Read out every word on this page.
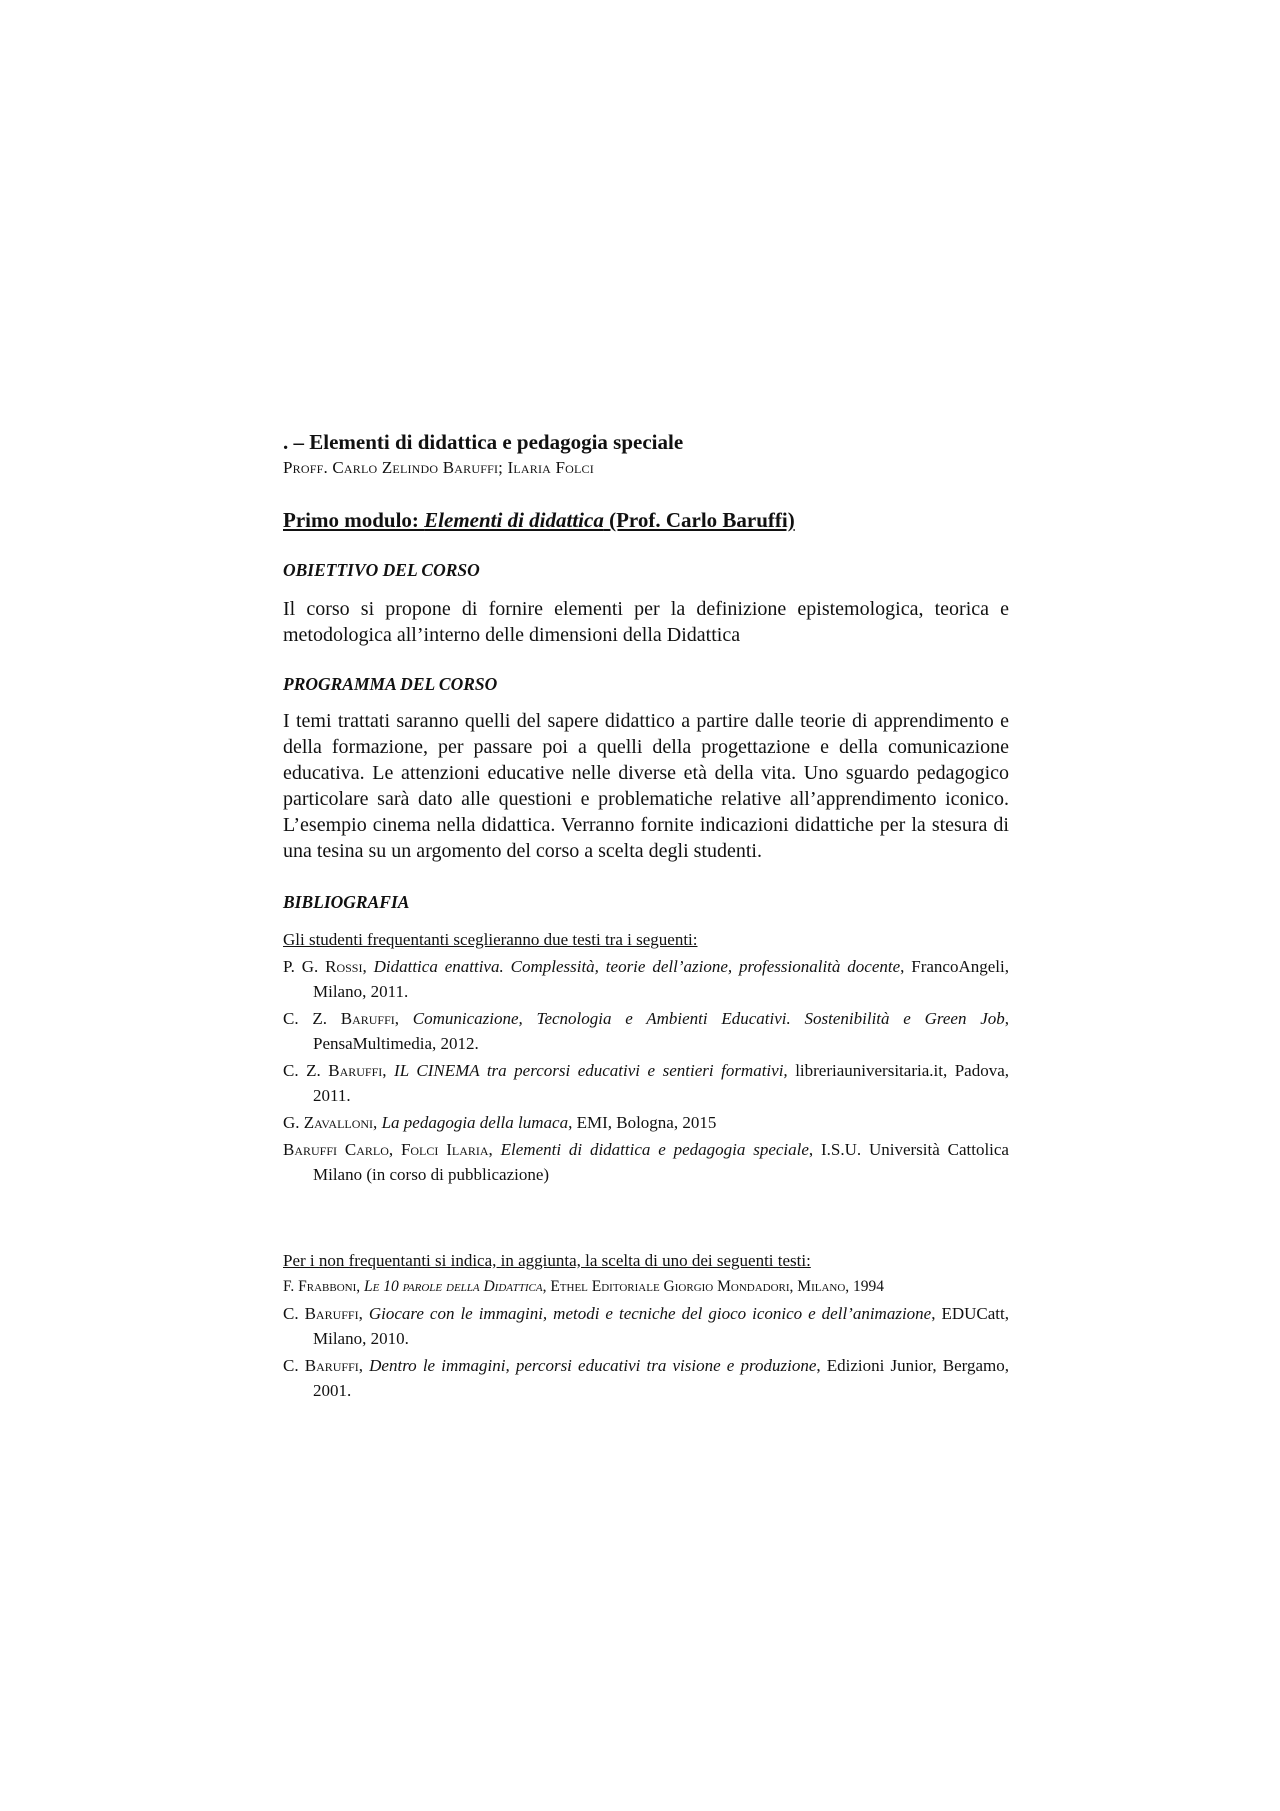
. – Elementi di didattica e pedagogia speciale
Proff. Carlo Zelindo Baruffi; Ilaria Folci
Primo modulo: Elementi di didattica (Prof. Carlo Baruffi)
OBIETTIVO DEL CORSO
Il corso si propone di fornire elementi per la definizione epistemologica, teorica e metodologica all’interno delle dimensioni della Didattica
PROGRAMMA DEL CORSO
I temi trattati saranno quelli del sapere didattico a partire dalle teorie di apprendimento e della formazione, per passare poi a quelli della progettazione e della comunicazione educativa. Le attenzioni educative nelle diverse età della vita. Uno sguardo pedagogico particolare sarà dato alle questioni e problematiche relative all’apprendimento iconico. L’esempio cinema nella didattica. Verranno fornite indicazioni didattiche per la stesura di una tesina su un argomento del corso a scelta degli studenti.
BIBLIOGRAFIA
Gli studenti frequentanti sceglieranno due testi tra i seguenti:
P. G. Rossi, Didattica enattiva. Complessità, teorie dell’azione, professionalità docente, FrancoAngeli, Milano, 2011.
C. Z. Baruffi, Comunicazione, Tecnologia e Ambienti Educativi. Sostenibilità e Green Job, PensaMultimedia, 2012.
C. Z. Baruffi, IL CINEMA tra percorsi educativi e sentieri formativi, libreriauniversitaria.it, Padova, 2011.
G. Zavalloni, La pedagogia della lumaca, EMI, Bologna, 2015
Baruffi Carlo, Folci Ilaria, Elementi di didattica e pedagogia speciale, I.S.U. Università Cattolica Milano (in corso di pubblicazione)
Per i non frequentanti si indica, in aggiunta, la scelta di uno dei seguenti testi:
F. Frabboni, Le 10 parole della Didattica, Ethel Editoriale Giorgio Mondadori, Milano, 1994
C. Baruffi, Giocare con le immagini, metodi e tecniche del gioco iconico e dell’animazione, EDUCatt, Milano, 2010.
C. Baruffi, Dentro le immagini, percorsi educativi tra visione e produzione, Edizioni Junior, Bergamo, 2001.
